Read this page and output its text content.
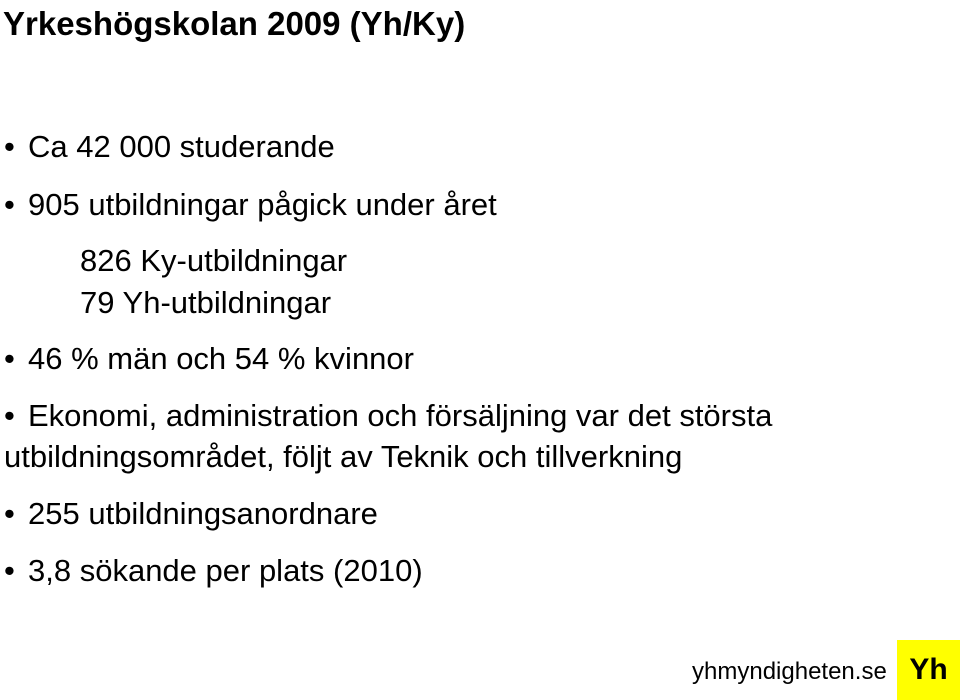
Yrkeshögskolan 2009 (Yh/Ky)
• Ca 42 000 studerande
• 905 utbildningar pågick under året
826 Ky-utbildningar
79 Yh-utbildningar
• 46 % män och 54 % kvinnor
• Ekonomi, administration och försäljning var det största
utbildningsområdet, följt av Teknik och tillverkning
• 255 utbildningsanordnare
• 3,8 sökande per plats (2010)
yhmyndigheten.se Yh
